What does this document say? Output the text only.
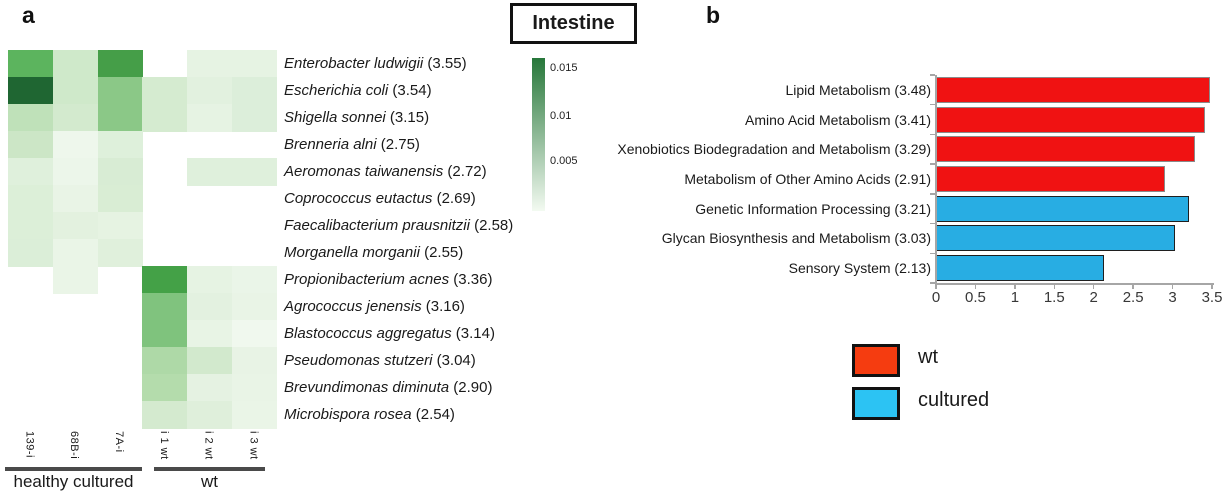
a	Intestine
Enterobacter ludwigii (3.55)
Escherichia coli (3.54)
Shigella sonnei (3.15)
Brenneria alni (2.75)
Aeromonas taiwanensis (2.72)
Coprococcus eutactus (2.69)
Faecalibacterium prausnitzii (2.58)
Morganella morganii (2.55)
Propionibacterium acnes (3.36)
Agrococcus jenensis (3.16)
Blastococcus aggregatus (3.14)
Pseudomonas stutzeri (3.04)
Brevundimonas diminuta (2.90)
Microbispora rosea (2.54)
139-i	68B-i	7A-i	i 1 wt	i 2 wt	i 3 wt
healthy cultured	wt
0.015
0.01
0.005
b
Lipid Metabolism (3.48)
Amino Acid Metabolism (3.41)
Xenobiotics Biodegradation and Metabolism (3.29)
Metabolism of Other Amino Acids (2.91)
Genetic Information Processing (3.21)
Glycan Biosynthesis and Metabolism (3.03)
Sensory System (2.13)
0	0.5	1	1.5	2	2.5	3	3.5
wt
cultured
